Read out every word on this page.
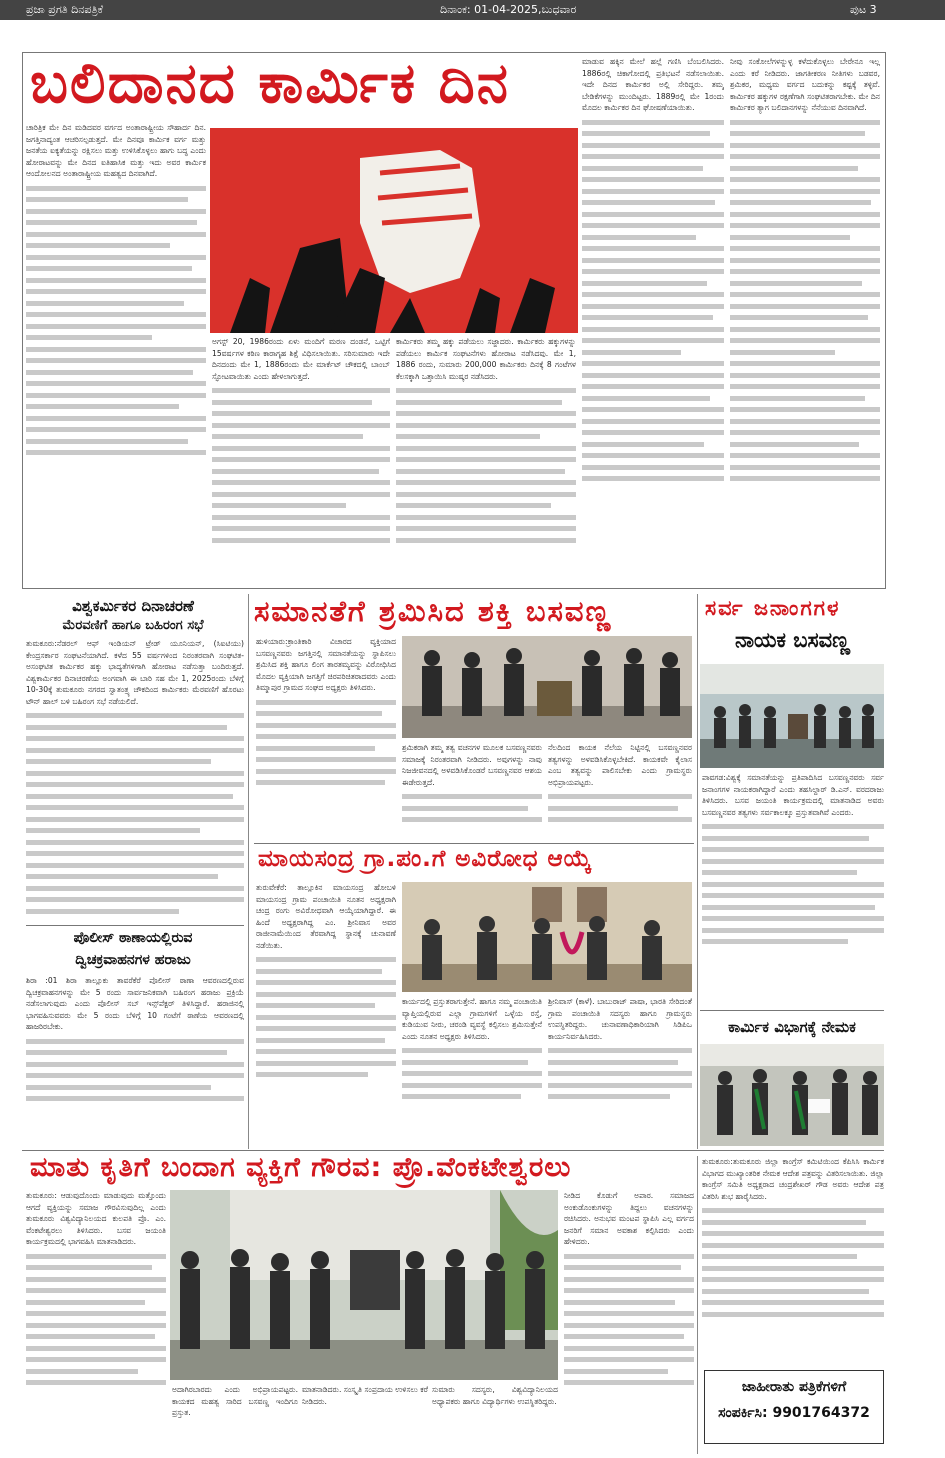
ಪ್ರಜಾ ಪ್ರಗತಿ ದಿನಪತ್ರಿಕೆ	ದಿನಾಂಕ: 01-04-2025,ಬುಧವಾರ	ಪುಟ 3
ಬಲಿದಾನದ ಕಾರ್ಮಿಕ ದಿನ

ಚಾರಿತ್ರಿಕ ಮೇ ದಿನ ಮಡಿದವರ ವರ್ಗದ ಅಂತಾರಾಷ್ಟ್ರೀಯ ಸೌಹಾರ್ದ ದಿನ. ಜಗತ್ತಿನಾದ್ಯಂತ ಆಚರಿಸಲ್ಪಡುತ್ತದೆ. ಮೇ ದಿನವೂ ಕಾರ್ಮಿಕ ವರ್ಗ ಮತ್ತು ಜನತೆಯ ಐಕ್ಯತೆಯನ್ನು ರಕ್ಷಿಸಲು ಮತ್ತು ಉಳಿಸಿಕೊಳ್ಳಲು ಹಾಗು ಬದ್ಧ ಎಂದು ಹೋರಾಟವನ್ನು ಮೇ ದಿನದ ಐತಿಹಾಸಿಕ ಮತ್ತು ಇದು ಅವರ ಕಾರ್ಮಿಕ ಆಂದೋಲನದ ಅಂತಾರಾಷ್ಟ್ರೀಯ ಮಹತ್ವದ ದಿನವಾಗಿದೆ.

ಅಗಸ್ಟ್ 20, 1986ರಂದು ಏಳು ಮಂದಿಗೆ ಮರಣ ದಂಡನೆ, ಒಟ್ಟಿಗೆ 15ವರ್ಷಗಳ ಕಠಿಣ ಕಾರಾಗೃಹ ಶಿಕ್ಷೆ ವಿಧಿಸಲಾಯಿತು. ಸರಿಸುಮಾರು ಇದೇ ದಿನದಂದು ಮೇ 1, 1886ರಂದು ಮೇ ಮಾರ್ಕೆಟ್ ಚೌಕದಲ್ಲಿ ಬಾಂಬ್ ಸ್ಫೋಟವಾಯಿತು ಎಂದು ಹೇಳಲಾಗುತ್ತದೆ.

ಕಾರ್ಮಿಕರು ತಮ್ಮ ಹಕ್ಕು ಪಡೆಯಲು ಸಜ್ಜಾದರು. ಕಾರ್ಮಿಕರು ಹಕ್ಕುಗಳನ್ನು ಪಡೆಯಲು ಕಾರ್ಮಿಕ ಸಂಘಟನೆಗಳು ಹೋರಾಟ ನಡೆಸಿದವು. ಮೇ 1, 1886 ರಂದು, ಸುಮಾರು 200,000 ಕಾರ್ಮಿಕರು ದಿನಕ್ಕೆ 8 ಗಂಟೆಗಳ ಕೆಲಸಕ್ಕಾಗಿ ಒತ್ತಾಯಿಸಿ ಮುಷ್ಕರ ನಡೆಸಿದರು.

ಮಾಡುವ ಹಕ್ಕಿನ ಮೇಲೆ ಹಲ್ಲೆ ಗಣಿಸಿ ಬೆಂಬಲಿಸಿದರು. 1886ರಲ್ಲಿ ಚಿಕಾಗೋದಲ್ಲಿ ಪ್ರತಿಭಟನೆ ನಡೆಸಲಾಯಿತು. ಇದೇ ದಿನದ ಕಾರ್ಮಿಕರ ಅಲ್ಲಿ ಸೇರಿದ್ದರು. ತಮ್ಮ ಬೇಡಿಕೆಗಳನ್ನು ಮುಂದಿಟ್ಟರು. 1889ರಲ್ಲಿ ಮೇ 1ರಂದು ಮೊದಲ ಕಾರ್ಮಿಕರ ದಿನ ಘೋಷಣೆಯಾಯಿತು.

ನೀವು ಸಂಕೋಲೆಗಳನ್ನುಳ್ಳ ಕಳೆದುಕೊಳ್ಳಲು ಬೇರೇನೂ ಇಲ್ಲ ಎಂದು ಕರೆ ನೀಡಿದರು. ಜಾಗತೀಕರಣ ನೀತಿಗಳು ಬಡವರ, ಶ್ರಮಿಕರ, ಮಧ್ಯಮ ವರ್ಗದ ಬದುಕನ್ನು ಕಷ್ಟಕ್ಕೆ ತಳ್ಳಿವೆ. ಕಾರ್ಮಿಕರ ಹಕ್ಕುಗಳ ರಕ್ಷಣೆಗಾಗಿ ಸಂಘಟಿತರಾಗಬೇಕು. ಮೇ ದಿನ ಕಾರ್ಮಿಕರ ತ್ಯಾಗ ಬಲಿದಾನಗಳನ್ನು ನೆನೆಯುವ ದಿನವಾಗಿದೆ.

ವಿಶ್ವಕರ್ಮಿಕರ ದಿನಾಚರಣೆ
ಮೆರವಣಿಗೆ ಹಾಗೂ ಬಹಿರಂಗ ಸಭೆ

ತುಮಕೂರು:ನೆಡರಲ್ ಆಫ್ ಇಂಡಿಯನ್ ಟ್ರೇಡ್ ಯೂನಿಯನ್, (ಸಿಐಟಿಯು) ಕೇಂದ್ರಸರ್ಕಾರ ಸಂಘಟನೆಯಾಗಿದೆ. ಕಳೆದ 55 ವರ್ಷಗಳಿಂದ ನಿರಂತರವಾಗಿ ಸಂಘಟಿತ-ಅಸಂಘಟಿತ ಕಾರ್ಮಿಕರ ಹಕ್ಕು ಭಾದ್ಯತೆಗಳಿಗಾಗಿ ಹೋರಾಟ ನಡೆಸುತ್ತಾ ಬಂದಿರುತ್ತದೆ. ವಿಶ್ವಕಾರ್ಮಿಕರ ದಿನಾಚರಣೆಯ ಅಂಗವಾಗಿ ಈ ಬಾರಿ ಸಹ ಮೇ 1, 2025ರಂದು ಬೆಳಿಗ್ಗೆ 10-30ಕ್ಕೆ ತುಮಕೂರು ನಗರದ ಸ್ವಾತಂತ್ರ್ಯ ಚೌಕದಿಂದ ಕಾರ್ಮಿಕರು ಮೆರವಣಿಗೆ ಹೊರಟು ಟೌನ್ ಹಾಲ್ ಬಳಿ ಬಹಿರಂಗ ಸಭೆ ನಡೆಯಲಿದೆ.

ಪೊಲೀಸ್ ಠಾಣಾಯಲ್ಲಿರುವ
ದ್ವಿಚಕ್ರವಾಹನಗಳ ಹರಾಜು

ಶಿರಾ :01 ಶಿರಾ ತಾಲ್ಲೂಕು ತಾವರೆಕೆರೆ ಪೊಲೀಸ್ ಠಾಣಾ ಆವರಣದಲ್ಲಿರುವ ದ್ವಿಚಕ್ರವಾಹನಗಳನ್ನು ಮೇ 5 ರಂದು ಸಾರ್ವಜನಿಕವಾಗಿ ಬಹಿರಂಗ ಹರಾಜು ಪ್ರಕ್ರಿಯೆ ನಡೆಸಲಾಗುವುದು ಎಂದು ಪೊಲೀಸ್ ಸಬ್ ಇನ್ಸ್‌ಪೆಕ್ಟರ್ ತಿಳಿಸಿದ್ದಾರೆ. ಹರಾಜಿನಲ್ಲಿ ಭಾಗವಹಿಸುವವರು ಮೇ 5 ರಂದು ಬೆಳಿಗ್ಗೆ 10 ಗಂಟೆಗೆ ಠಾಣೆಯ ಆವರಣದಲ್ಲಿ ಹಾಜರಿರಬೇಕು.

ಸಮಾನತೆಗೆ ಶ್ರಮಿಸಿದ ಶಕ್ತಿ ಬಸವಣ್ಣ

ಹುಳಿಯಾರು:ಕ್ರಾಂತಿಕಾರಿ ವಿಚಾರದ ವ್ಯಕ್ತಿಯಾದ ಬಸವಣ್ಣನವರು ಜಗತ್ತಿನಲ್ಲಿ ಸಮಾನತೆಯನ್ನು ಸ್ಥಾಪಿಸಲು ಶ್ರಮಿಸಿದ ಶಕ್ತಿ ಹಾಗೂ ಲಿಂಗ ತಾರತಮ್ಯವನ್ನು ವಿರೋಧಿಸಿದ ಮೊದಲ ವ್ಯಕ್ತಿಯಾಗಿ ಜಗತ್ತಿಗೆ ಚಿರಪರಿಚಿತರಾದವರು ಎಂದು ತಿಮ್ಮಾಪುರ ಗ್ರಾಮದ ಸಂಘದ ಅಧ್ಯಕ್ಷರು ತಿಳಿಸಿದರು.

ಶ್ರಮಿಕರಾಗಿ ತಮ್ಮ ತತ್ವ ವಚನಗಳ ಮೂಲಕ ಬಸವಣ್ಣನವರು ಸಮಾಜಕ್ಕೆ ನಿರಂತರವಾಗಿ ನೀಡಿದರು. ಅವುಗಳನ್ನು ನಾವು ನಿಜಜೀವನದಲ್ಲಿ ಅಳವಡಿಸಿಕೊಂಡರೆ ಬಸವಣ್ಣನವರ ಆಶಯ ಈಡೇರುತ್ತದೆ.

ನೆಲದಿಂದ ಕಾಯಕ ನೆಲೆಯ ನಿಟ್ಟಿನಲ್ಲಿ ಬಸವಣ್ಣನವರ ತತ್ವಗಳನ್ನು ಅಳವಡಿಸಿಕೊಳ್ಳಬೇಕಿದೆ. ಕಾಯಕವೇ ಕೈಲಾಸ ಎಂಬ ತತ್ವವನ್ನು ಪಾಲಿಸಬೇಕು ಎಂದು ಗ್ರಾಮಸ್ಥರು ಅಭಿಪ್ರಾಯಪಟ್ಟರು.

ಸರ್ವ ಜನಾಂಗಗಳ
ನಾಯಕ ಬಸವಣ್ಣ

ಪಾವಗಡ:ವಿಶ್ವಕ್ಕೆ ಸಮಾನತೆಯನ್ನು ಪ್ರತಿಪಾದಿಸಿದ ಬಸವಣ್ಣನವರು ಸರ್ವ ಜನಾಂಗಗಳ ನಾಯಕರಾಗಿದ್ದಾರೆ ಎಂದು ತಹಸಿಲ್ದಾರ್ ಡಿ.ಎನ್. ವರದರಾಜು ತಿಳಿಸಿದರು. ಬಸವ ಜಯಂತಿ ಕಾರ್ಯಕ್ರಮದಲ್ಲಿ ಮಾತನಾಡಿದ ಅವರು ಬಸವಣ್ಣನವರ ತತ್ವಗಳು ಸರ್ವಕಾಲಕ್ಕೂ ಪ್ರಸ್ತುತವಾಗಿವೆ ಎಂದರು.

ಮಾಯಸಂದ್ರ ಗ್ರಾ.ಪಂ.ಗೆ ಅವಿರೋಧ ಆಯ್ಕೆ

ತುರುವೇಕೆರೆ: ತಾಲ್ಲೂಕಿನ ಮಾಯಸಂದ್ರ ಹೋಬಳಿ ಮಾಯಸಂದ್ರ ಗ್ರಾಮ ಪಂಚಾಯಿತಿ ನೂತನ ಅಧ್ಯಕ್ಷರಾಗಿ ಚಂದ್ರ ರಂಗು ಅವಿರೋಧವಾಗಿ ಆಯ್ಕೆಯಾಗಿದ್ದಾರೆ. ಈ ಹಿಂದೆ ಅಧ್ಯಕ್ಷರಾಗಿದ್ದ ಎಂ. ಶ್ರೀನಿವಾಸ ಅವರ ರಾಜೀನಾಮೆಯಿಂದ ತೆರವಾಗಿದ್ದ ಸ್ಥಾನಕ್ಕೆ ಚುನಾವಣೆ ನಡೆಯಿತು.

ಕಾರ್ಯದಲ್ಲಿ ಪ್ರಸ್ತುತರಾಗುತ್ತೇನೆ. ಹಾಗೂ ನಮ್ಮ ಪಂಚಾಯಿತಿ ವ್ಯಾಪ್ತಿಯಲ್ಲಿರುವ ಎಲ್ಲಾ ಗ್ರಾಮಗಳಿಗೆ ಒಳ್ಳೆಯ ರಸ್ತೆ, ಕುಡಿಯುವ ನೀರು, ಚರಂಡಿ ವ್ಯವಸ್ಥೆ ಕಲ್ಪಿಸಲು ಶ್ರಮಿಸುತ್ತೇನೆ ಎಂದು ನೂತನ ಅಧ್ಯಕ್ಷರು ತಿಳಿಸಿದರು.

ಶ್ರೀನಿವಾಸ್ (ಕಾಳೆ). ಬಾಬುರಾಜ್ ಪಾಷಾ, ಭಾರತಿ ಸೇರಿದಂತೆ ಗ್ರಾಮ ಪಂಚಾಯಿತಿ ಸದಸ್ಯರು ಹಾಗೂ ಗ್ರಾಮಸ್ಥರು ಉಪಸ್ಥಿತರಿದ್ದರು. ಚುನಾವಣಾಧಿಕಾರಿಯಾಗಿ ಸಿಡಿಪಿಒ ಕಾರ್ಯನಿರ್ವಹಿಸಿದರು.	ಕಾರ್ಮಿಕ ವಿಭಾಗಕ್ಕೆ ನೇಮಕ
ಮಾತು ಕೃತಿಗೆ ಬಂದಾಗ ವ್ಯಕ್ತಿಗೆ ಗೌರವ: ಪ್ರೊ.ವೆಂಕಟೇಶ್ವರಲು

ತುಮಕೂರು: ಆಡುವುದೊಂದು ಮಾಡುವುದು ಮತ್ತೊಂದು ಆಗದೆ ವ್ಯಕ್ತಿಯನ್ನು ಸಮಾಜ ಗೌರವಿಸುವುದಿಲ್ಲ ಎಂದು ತುಮಕೂರು ವಿಶ್ವವಿದ್ಯಾನಿಲಯದ ಕುಲಪತಿ ಪ್ರೊ. ಎಂ. ವೆಂಕಟೇಶ್ವರಲು ತಿಳಿಸಿದರು. ಬಸವ ಜಯಂತಿ ಕಾರ್ಯಕ್ರಮದಲ್ಲಿ ಭಾಗವಹಿಸಿ ಮಾತನಾಡಿದರು.

ನೀಡಿದ ಕೊಡುಗೆ ಅಪಾರ. ಸಮಾಜದ ಅಂಕುಡೊಂಕುಗಳನ್ನು ತಿದ್ದಲು ವಚನಗಳನ್ನು ರಚಿಸಿದರು. ಅನುಭವ ಮಂಟಪ ಸ್ಥಾಪಿಸಿ ಎಲ್ಲ ವರ್ಗದ ಜನರಿಗೆ ಸಮಾನ ಅವಕಾಶ ಕಲ್ಪಿಸಿದರು ಎಂದು ಹೇಳಿದರು.

ಅದಾಗಿರಬಾರದು ಎಂದು ಅಭಿಪ್ರಾಯಪಟ್ಟರು. ಕಾಯಕದ ಮಹತ್ವ ಸಾರಿದ ಬಸವಣ್ಣ ಇಂದಿಗೂ ಪ್ರಸ್ತುತ.

ಮಾತನಾಡಿದರು. ಸಂಸ್ಕೃತಿ ಸಂಪ್ರದಾಯ ಉಳಿಸಲು ಕರೆ ನೀಡಿದರು.

ಸುಮಾರು ಸದಸ್ಯರು, ವಿಶ್ವವಿದ್ಯಾನಿಲಯದ ಅಧ್ಯಾಪಕರು ಹಾಗೂ ವಿದ್ಯಾರ್ಥಿಗಳು ಉಪಸ್ಥಿತರಿದ್ದರು.

ತುಮಕೂರು:ತುಮಕೂರು ಜಿಲ್ಲಾ ಕಾಂಗ್ರೆಸ್ ಕಮಿಟಿಯಿಂದ ಕೆಪಿಸಿಸಿ ಕಾರ್ಮಿಕ ವಿಭಾಗದ ಮುಖ್ಯಾಂತರಿಕ ನೇಮಕ ಆದೇಶ ಪತ್ರವನ್ನು ವಿತರಿಸಲಾಯಿತು. ಜಿಲ್ಲಾ ಕಾಂಗ್ರೆಸ್ ಸಮಿತಿ ಅಧ್ಯಕ್ಷರಾದ ಚಂದ್ರಶೇಖರ್ ಗೌಡ ಅವರು ಆದೇಶ ಪತ್ರ ವಿತರಿಸಿ ಶುಭ ಹಾರೈಸಿದರು.

ಜಾಹೀರಾತು ಪತ್ರಿಕೆಗಳಿಗೆ
ಸಂಪರ್ಕಿಸಿ: 9901764372
